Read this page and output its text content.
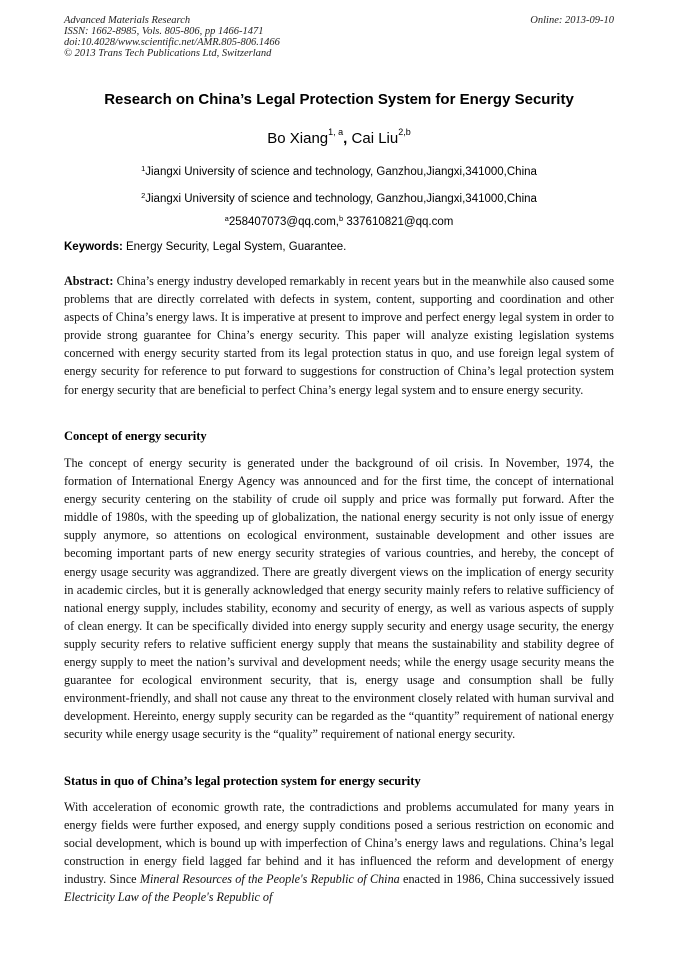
Advanced Materials Research
ISSN: 1662-8985, Vols. 805-806, pp 1466-1471
doi:10.4028/www.scientific.net/AMR.805-806.1466
© 2013 Trans Tech Publications Ltd, Switzerland
Online: 2013-09-10
Research on China’s Legal Protection System for Energy Security
Bo Xiang$^{1, a}$, Cai Liu$^{2,b}$
$^1$Jiangxi University of science and technology, Ganzhou,Jiangxi,341000,China
$^2$Jiangxi University of science and technology, Ganzhou,Jiangxi,341000,China
$^a$258407073@qq.com,$^b$ 337610821@qq.com
Keywords: Energy Security, Legal System, Guarantee.

Abstract: China’s energy industry developed remarkably in recent years but in the meanwhile also caused some problems that are directly correlated with defects in system, content, supporting and coordination and other aspects of China’s energy laws. It is imperative at present to improve and perfect energy legal system in order to provide strong guarantee for China’s energy security. This paper will analyze existing legislation systems concerned with energy security started from its legal protection status in quo, and use foreign legal system of energy security for reference to put forward to suggestions for construction of China’s legal protection system for energy security that are beneficial to perfect China’s energy legal system and to ensure energy security.

Concept of energy security

The concept of energy security is generated under the background of oil crisis. In November, 1974, the formation of International Energy Agency was announced and for the first time, the concept of international energy security centering on the stability of crude oil supply and price was formally put forward. After the middle of 1980s, with the speeding up of globalization, the national energy security is not only issue of energy supply anymore, so attentions on ecological environment, sustainable development and other issues are becoming important parts of new energy security strategies of various countries, and hereby, the concept of energy usage security was aggrandized. There are greatly divergent views on the implication of energy security in academic circles, but it is generally acknowledged that energy security mainly refers to relative sufficiency of national energy supply, includes stability, economy and security of energy, as well as various aspects of supply of clean energy. It can be specifically divided into energy supply security and energy usage security, the energy supply security refers to relative sufficient energy supply that means the sustainability and stability degree of energy supply to meet the nation’s survival and development needs; while the energy usage security means the guarantee for ecological environment security, that is, energy usage and consumption shall be fully environment-friendly, and shall not cause any threat to the environment closely related with human survival and development. Hereinto, energy supply security can be regarded as the “quantity” requirement of national energy security while energy usage security is the “quality” requirement of national energy security.

Status in quo of China’s legal protection system for energy security

With acceleration of economic growth rate, the contradictions and problems accumulated for many years in energy fields were further exposed, and energy supply conditions posed a serious restriction on economic and social development, which is bound up with imperfection of China’s energy laws and regulations. China’s legal construction in energy field lagged far behind and it has influenced the reform and development of energy industry. Since Mineral Resources of the People's Republic of China enacted in 1986, China successively issued Electricity Law of the People's Republic of
